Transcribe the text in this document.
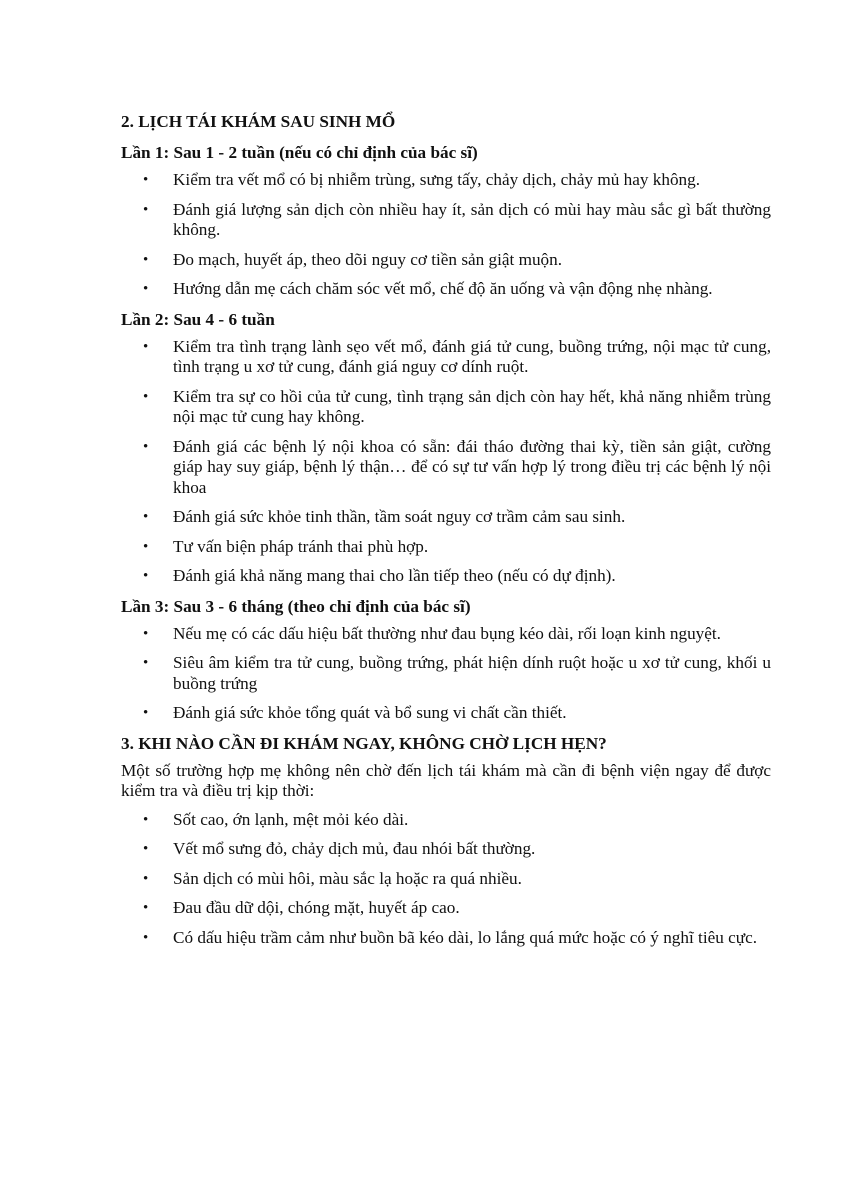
2. LỊCH TÁI KHÁM SAU SINH MỔ
Lần 1: Sau 1 - 2 tuần (nếu có chỉ định của bác sĩ)
• Kiểm tra vết mổ có bị nhiễm trùng, sưng tấy, chảy dịch, chảy mủ hay không.
• Đánh giá lượng sản dịch còn nhiều hay ít, sản dịch có mùi hay màu sắc gì bất thường không.
• Đo mạch, huyết áp, theo dõi nguy cơ tiền sản giật muộn.
• Hướng dẫn mẹ cách chăm sóc vết mổ, chế độ ăn uống và vận động nhẹ nhàng.
Lần 2: Sau 4 - 6 tuần
• Kiểm tra tình trạng lành sẹo vết mổ, đánh giá tử cung, buồng trứng, nội mạc tử cung, tình trạng u xơ tử cung, đánh giá nguy cơ dính ruột.
• Kiểm tra sự co hồi của tử cung, tình trạng sản dịch còn hay hết, khả năng nhiễm trùng nội mạc tử cung hay không.
• Đánh giá các bệnh lý nội khoa có sẵn: đái tháo đường thai kỳ, tiền sản giật, cường giáp hay suy giáp, bệnh lý thận… để có sự tư vấn hợp lý trong điều trị các bệnh lý nội khoa
• Đánh giá sức khỏe tinh thần, tầm soát nguy cơ trầm cảm sau sinh.
• Tư vấn biện pháp tránh thai phù hợp.
• Đánh giá khả năng mang thai cho lần tiếp theo (nếu có dự định).
Lần 3: Sau 3 - 6 tháng (theo chỉ định của bác sĩ)
• Nếu mẹ có các dấu hiệu bất thường như đau bụng kéo dài, rối loạn kinh nguyệt.
• Siêu âm kiểm tra tử cung, buồng trứng, phát hiện dính ruột hoặc u xơ tử cung, khối u buồng trứng
• Đánh giá sức khỏe tổng quát và bổ sung vi chất cần thiết.
3. KHI NÀO CẦN ĐI KHÁM NGAY, KHÔNG CHỜ LỊCH HẸN?

Một số trường hợp mẹ không nên chờ đến lịch tái khám mà cần đi bệnh viện ngay để được kiểm tra và điều trị kịp thời:

• Sốt cao, ớn lạnh, mệt mỏi kéo dài.
• Vết mổ sưng đỏ, chảy dịch mủ, đau nhói bất thường.
• Sản dịch có mùi hôi, màu sắc lạ hoặc ra quá nhiều.
• Đau đầu dữ dội, chóng mặt, huyết áp cao.
• Có dấu hiệu trầm cảm như buồn bã kéo dài, lo lắng quá mức hoặc có ý nghĩ tiêu cực.
